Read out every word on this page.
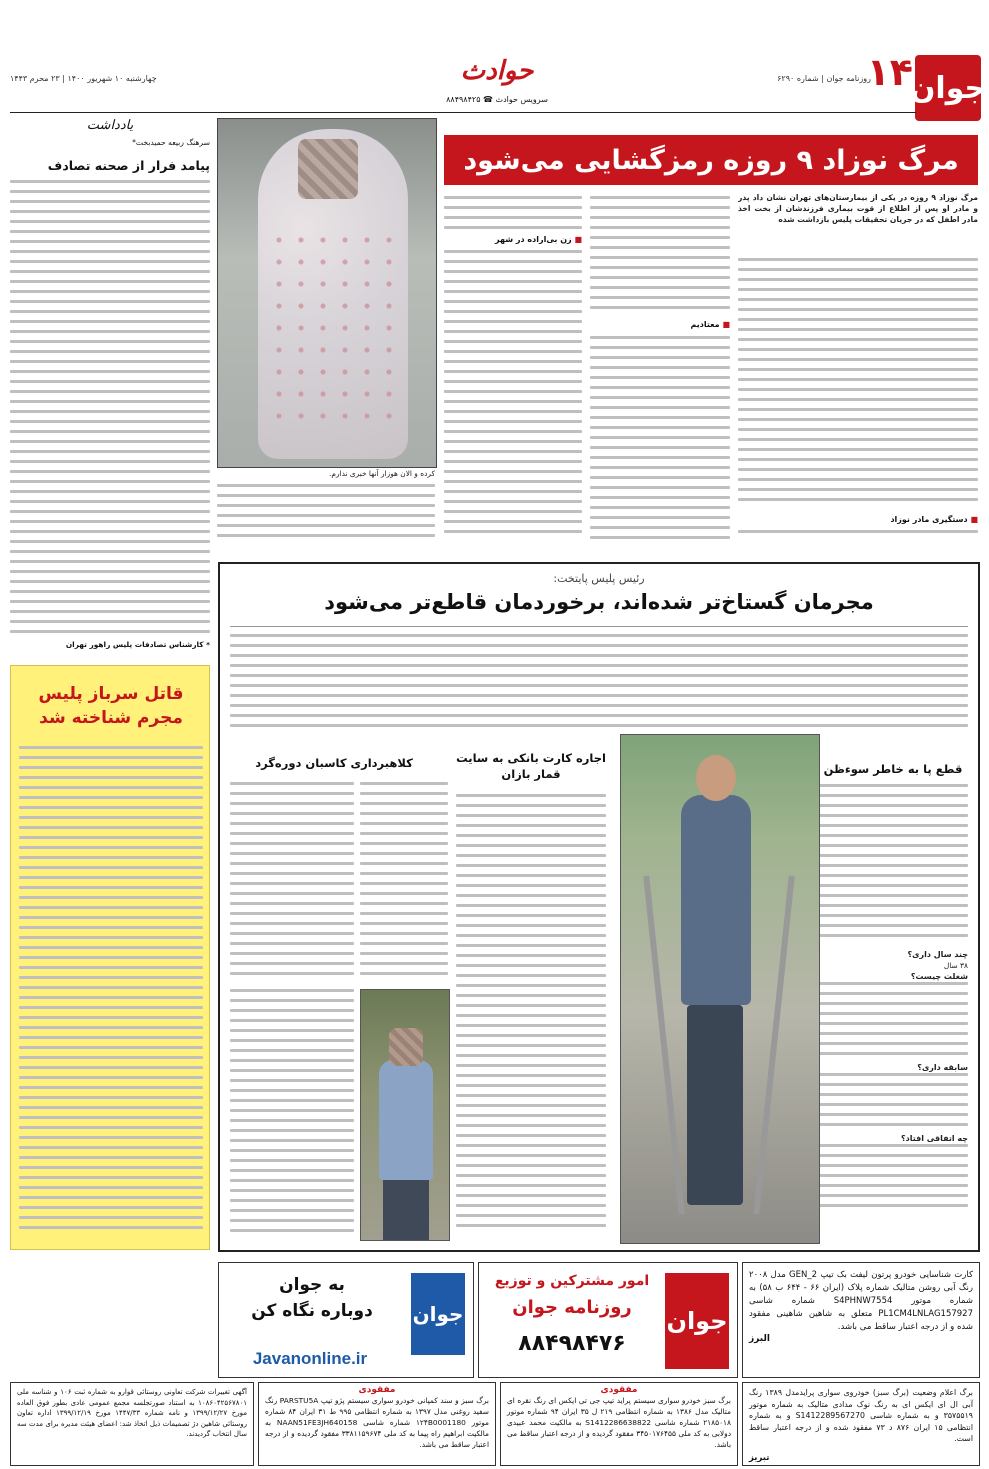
جوان
۱۴
روزنامه جوان | شماره ۶۲۹۰
حوادث
سرویس حوادث ☎ ۸۸۴۹۸۴۲۵
چهارشنبه ۱۰ شهریور ۱۴۰۰ | ۲۳ محرم ۱۴۴۳
مرگ نوزاد ۹ روزه رمزگشایی می‌شود
مرگ نوزاد ۹ روزه در یکی از بیمارستان‌های تهران نشان داد پدر و مادر او پس از اطلاع از قوت بیماری فرزندشان از بخت اخذ مادر اطفل که در جریان تحقیقات پلیس بازداشت شده
■ دستگیری مادر نوزاد
■ معتادیم
■ زن بی‌اراده در شهر
کرده و الان هوزار آنها خبری ندارم.
یادداشت
سرهنگ ربیعه حمید‌بخت*
پیامد فرار از صحنه تصادف
* کارشناس تصادفات پلیس راهور تهران
قاتل سرباز پلیس
مجرم شناخته شد
رئیس پلیس پایتخت:
مجرمان گستاخ‌تر شده‌اند، برخورد‌مان قاطع‌تر می‌شود
قطع پا به خاطر سوءظن
چند سال داری؟
۳۸ سال
شغلت چیست؟
سابقه داری؟
چه اتفاقی افتاد؟
اجاره کارت بانکی به سایت قمار بازان
کلاهبرداری کاسبان دوره‌گرد
کارت شناسایی خودرو پرتون لیفت بک تیپ GEN_2 مدل ۲۰۰۸ رنگ آبی روشن متالیک شماره پلاک (ایران ۶۶ - ۶۴۴ ب ۵۸) به شماره موتور S4PHNW7554 شماره شاسی PL1CM4LNLAG157927 متعلق به شاهین شاهینی مفقود شده و از درجه اعتبار ساقط می باشد.
البرز
جوان
امور مشترکین و توزیع
روزنامه جوان
۸۸۴۹۸۴۷۶
جوان
به جوان
دوباره نگاه کن
Javanonline.ir
برگ اعلام وضعیت (برگ سبز) خودروی سواری پرایدمدل ۱۳۸۹ رنگ آبی ال ای ایکس ای به رنگ نوک مدادی متالیک به شماره موتور ۳۵۷۵۵۱۹ و به شماره شاسی S1412289567270 و به شماره انتظامی ۱۵ ایران ۸۷۶ د ۷۳ مفقود شده و از درجه اعتبار ساقط است.
تبریز
مفقودی
برگ سبز خودرو سواری سیستم پراید تیپ جی تی ایکس ای رنگ نقره ای متالیک مدل ۱۳۸۶ به شماره انتظامی ۲۱۹ ل ۳۵ ایران ۹۴ شماره موتور ۲۱۸۵۰۱۸ شماره شاسی S1412286638822 به مالکیت محمد عبیدی دولابی به کد ملی ۳۴۵۰۱۷۶۴۵۵ مفقود گردیده و از درجه اعتبار ساقط می باشد.
مفقودی
برگ سبز و سند کمپانی خودرو سواری سیستم پژو تیپ PARSTU5A رنگ سفید روغنی مدل ۱۳۹۷ به شماره انتظامی ۹۹۵ ط ۳۱ ایران ۸۴ شماره موتور ۱۲۴B0001180 شماره شاسی NAAN51FE3JH640158 به مالکیت ابراهیم راه پیما به کد ملی ۳۳۸۱۱۵۹۶۷۴ مفقود گردیده و از درجه اعتبار ساقط می باشد.
آگهی تغییرات شرکت تعاونی روستائی قوارو به شماره ثبت ۱۰۶ و شناسه ملی ۱۰۸۶۰۴۲۵۶۷۸۰۱ به استناد صورتجلسه مجمع عمومی عادی بطور فوق العاده مورخ ۱۳۹۹/۱۲/۲۷ و نامه شماره ۱۴۴۷/۳۳ مورخ ۱۳۹۹/۱۲/۱۹ اداره تعاون روستائی شاهین دژ تصمیمات ذیل اتخاذ شد: اعضای هیئت مدیره برای مدت سه سال انتخاب گردیدند.
